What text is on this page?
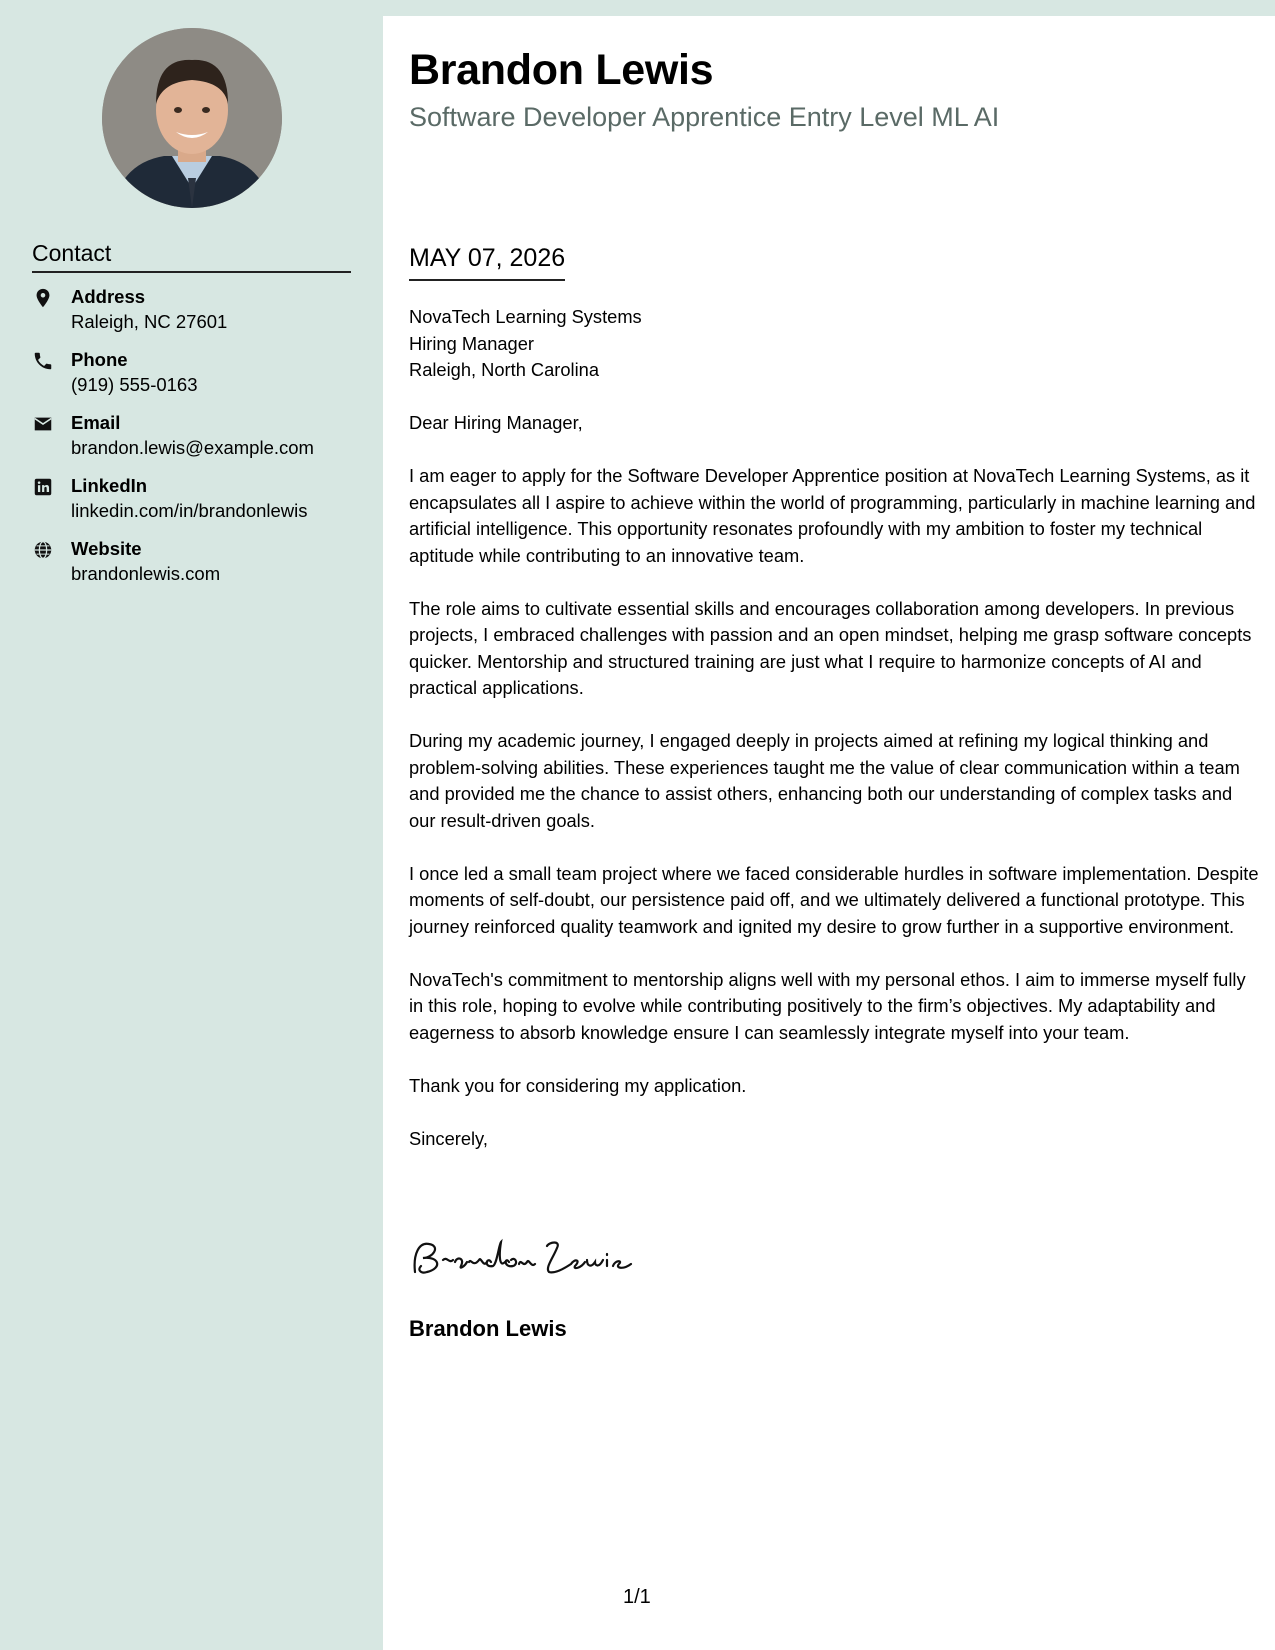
Contact
Address
Raleigh, NC 27601
Phone
(919) 555-0163
Email
brandon.lewis@example.com
LinkedIn
linkedin.com/in/brandonlewis
Website
brandonlewis.com
Brandon Lewis
Software Developer Apprentice Entry Level ML AI
MAY 07, 2026
NovaTech Learning Systems
Hiring Manager
Raleigh, North Carolina

Dear Hiring Manager,

I am eager to apply for the Software Developer Apprentice position at NovaTech Learning Systems, as it encapsulates all I aspire to achieve within the world of programming, particularly in machine learning and artificial intelligence. This opportunity resonates profoundly with my ambition to foster my technical aptitude while contributing to an innovative team.

The role aims to cultivate essential skills and encourages collaboration among developers. In previous projects, I embraced challenges with passion and an open mindset, helping me grasp software concepts quicker. Mentorship and structured training are just what I require to harmonize concepts of AI and practical applications.

During my academic journey, I engaged deeply in projects aimed at refining my logical thinking and problem-solving abilities. These experiences taught me the value of clear communication within a team and provided me the chance to assist others, enhancing both our understanding of complex tasks and our result-driven goals.

I once led a small team project where we faced considerable hurdles in software implementation. Despite moments of self-doubt, our persistence paid off, and we ultimately delivered a functional prototype. This journey reinforced quality teamwork and ignited my desire to grow further in a supportive environment.

NovaTech's commitment to mentorship aligns well with my personal ethos. I aim to immerse myself fully in this role, hoping to evolve while contributing positively to the firm’s objectives. My adaptability and eagerness to absorb knowledge ensure I can seamlessly integrate myself into your team.

Thank you for considering my application.

Sincerely,

Brandon Lewis
1/1
